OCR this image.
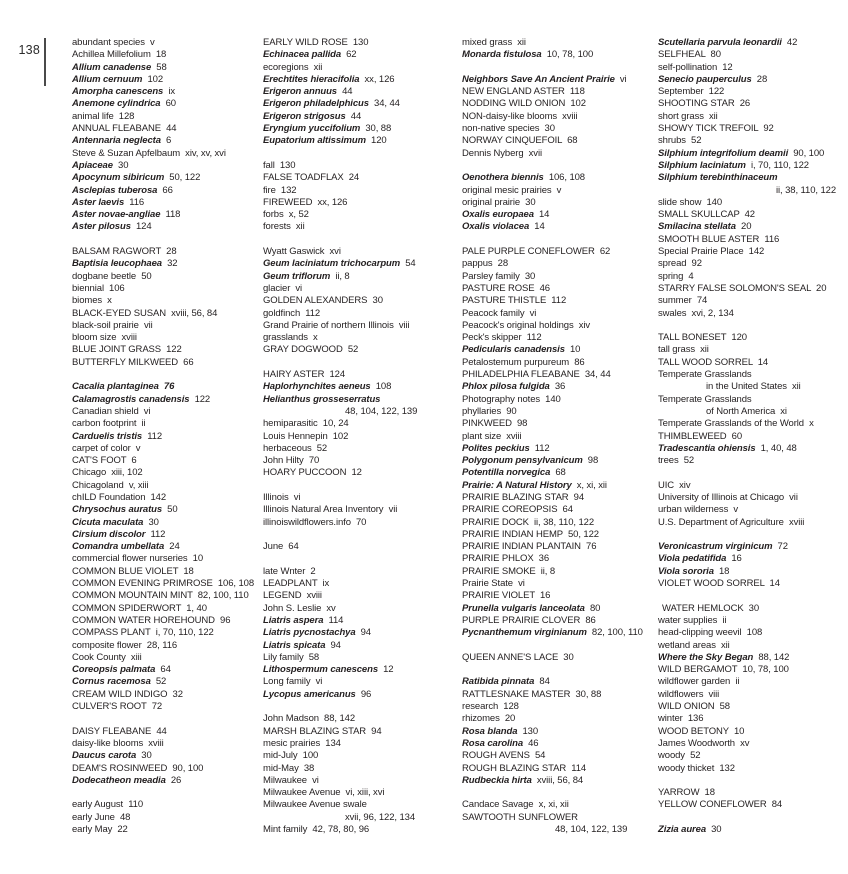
138
abundant species v
Achillea Millefolium 18
Allium canadense 58
Allium cernuum 102
Amorpha canescens ix
Anemone cylindrica 60
animal life 128
ANNUAL FLEABANE 44
Antennaria neglecta 6
Steve & Suzan Apfelbaum xiv, xv, xvi
Apiaceae 30
Apocynum sibiricum 50, 122
Asclepias tuberosa 66
Aster laevis 116
Aster novae-angliae 118
Aster pilosus 124

BALSAM RAGWORT 28
Baptisia leucophaea 32
dogbane beetle 50
biennial 106
biomes x
BLACK-EYED SUSAN xviii, 56, 84
black-soil prairie vii
bloom size xviii
BLUE JOINT GRASS 122
BUTTERFLY MILKWEED 66

Cacalia plantaginea 76
Calamagrostis canadensis 122
Canadian shield vi
carbon footprint ii
Carduelis tristis 112
carpet of color v
CAT'S FOOT 6
Chicago xiii, 102
Chicagoland v, xiii
chILD Foundation 142
Chrysochus auratus 50
Cicuta maculata 30
Cirsium discolor 112
Comandra umbellata 24
commercial flower nurseries 10
COMMON BLUE VIOLET 18
COMMON EVENING PRIMROSE 106, 108
COMMON MOUNTAIN MINT 82, 100, 110
COMMON SPIDERWORT 1, 40
COMMON WATER HOREHOUND 96
COMPASS PLANT i, 70, 110, 122
composite flower 28, 116
Cook County xiii
Coreopsis palmata 64
Cornus racemosa 52
CREAM WILD INDIGO 32
CULVER'S ROOT 72

DAISY FLEABANE 44
daisy-like blooms xviii
Daucus carota 30
DEAM'S ROSINWEED 90, 100
Dodecatheon meadia 26

early August 110
early June 48
early May 22
EARLY WILD ROSE 130
Echinacea pallida 62
ecoregions xii
Erechtites hieracifolia xx, 126
Erigeron annuus 44
Erigeron philadelphicus 34, 44
Erigeron strigosus 44
Eryngium yuccifolium 30, 88
Eupatorium altissimum 120

fall 130
FALSE TOADFLAX 24
fire 132
FIREWEED xx, 126
forbs x, 52
forests xii

Wyatt Gaswick xvi
Geum laciniatum trichocarpum 54
Geum triflorum ii, 8
glacier vi
GOLDEN ALEXANDERS 30
goldfinch 112
Grand Prairie of northern Illinois viii
grasslands x
GRAY DOGWOOD 52

HAIRY ASTER 124
Haplorhynchites aeneus 108
Helianthus grosseserratus
48, 104, 122, 139
hemiparasitic 10, 24
Louis Hennepin 102
herbaceous 52
John Hilty 70
HOARY PUCCOON 12

Illinois vi
Illinois Natural Area Inventory vii
illinoiswildflowers.info 70

June 64

late Wnter 2
LEADPLANT ix
LEGEND xviii
John S. Leslie xv
Liatris aspera 114
Liatris pycnostachya 94
Liatris spicata 94
Lily family 58
Lithospermum canescens 12
Long family vi
Lycopus americanus 96

John Madson 88, 142
MARSH BLAZING STAR 94
mesic prairies 134
mid-July 100
mid-May 38
Milwaukee vi
Milwaukee Avenue vi, xiii, xvi
Milwaukee Avenue swale
xvii, 96, 122, 134
Mint family 42, 78, 80, 96
mixed grass xii
Monarda fistulosa 10, 78, 100

Neighbors Save An Ancient Prairie vi
NEW ENGLAND ASTER 118
NODDING WILD ONION 102
NON-daisy-like blooms xviii
non-native species 30
NORWAY CINQUEFOIL 68
Dennis Nyberg xvii

Oenothera biennis 106, 108
original mesic prairies v
original prairie 30
Oxalis europaea 14
Oxalis violacea 14

PALE PURPLE CONEFLOWER 62
pappus 28
Parsley family 30
PASTURE ROSE 46
PASTURE THISTLE 112
Peacock family vi
Peacock's original holdings xiv
Peck's skipper 112
Pedicularis canadensis 10
Petalostemum purpureum 86
PHILADELPHIA FLEABANE 34, 44
Phlox pilosa fulgida 36
Photography notes 140
phyllaries 90
PINKWEED 98
plant size xviii
Polites peckius 112
Polygonum pensylvanicum 98
Potentilla norvegica 68
Prairie: A Natural History x, xi, xii
PRAIRIE BLAZING STAR 94
PRAIRIE COREOPSIS 64
PRAIRIE DOCK ii, 38, 110, 122
PRAIRIE INDIAN HEMP 50, 122
PRAIRIE INDIAN PLANTAIN 76
PRAIRIE PHLOX 36
PRAIRIE SMOKE ii, 8
Prairie State vi
PRAIRIE VIOLET 16
Prunella vulgaris lanceolata 80
PURPLE PRAIRIE CLOVER 86
Pycnanthemum virginianum 82, 100, 110

QUEEN ANNE'S LACE 30

Ratibida pinnata 84
RATTLESNAKE MASTER 30, 88
research 128
rhizomes 20
Rosa blanda 130
Rosa carolina 46
ROUGH AVENS 54
ROUGH BLAZING STAR 114
Rudbeckia hirta xviii, 56, 84

Candace Savage x, xi, xii
SAWTOOTH SUNFLOWER
48, 104, 122, 139
Scutellaria parvula leonardii 42
SELFHEAL 80
self-pollination 12
Senecio pauperculus 28
September 122
SHOOTING STAR 26
short grass xii
SHOWY TICK TREFOIL 92
shrubs 52
Silphium integrifolium deamii 90, 100
Silphium laciniatum i, 70, 110, 122
Silphium terebinthinaceum
ii, 38, 110, 122
slide show 140
SMALL SKULLCAP 42
Smilacina stellata 20
SMOOTH BLUE ASTER 116
Special Prairie Place 142
spread 92
spring 4
STARRY FALSE SOLOMON'S SEAL 20
summer 74
swales xvi, 2, 134

TALL BONESET 120
tall grass xii
TALL WOOD SORREL 14
Temperate Grasslands
in the United States xii
Temperate Grasslands
of North America xi
Temperate Grasslands of the World x
THIMBLEWEED 60
Tradescantia ohiensis 1, 40, 48
trees 52

UIC xiv
University of Illinois at Chicago vii
urban wilderness v
U.S. Department of Agriculture xviii

Veronicastrum virginicum 72
Viola pedatifida 16
Viola sororia 18
VIOLET WOOD SORREL 14

WATER HEMLOCK 30
water supplies ii
head-clipping weevil 108
wetland areas xii
Where the Sky Began 88, 142
WILD BERGAMOT 10, 78, 100
wildflower garden ii
wildflowers viii
WILD ONION 58
winter 136
WOOD BETONY 10
James Woodworth xv
woody 52
woody thicket 132

YARROW 18
YELLOW CONEFLOWER 84

Zizia aurea 30
